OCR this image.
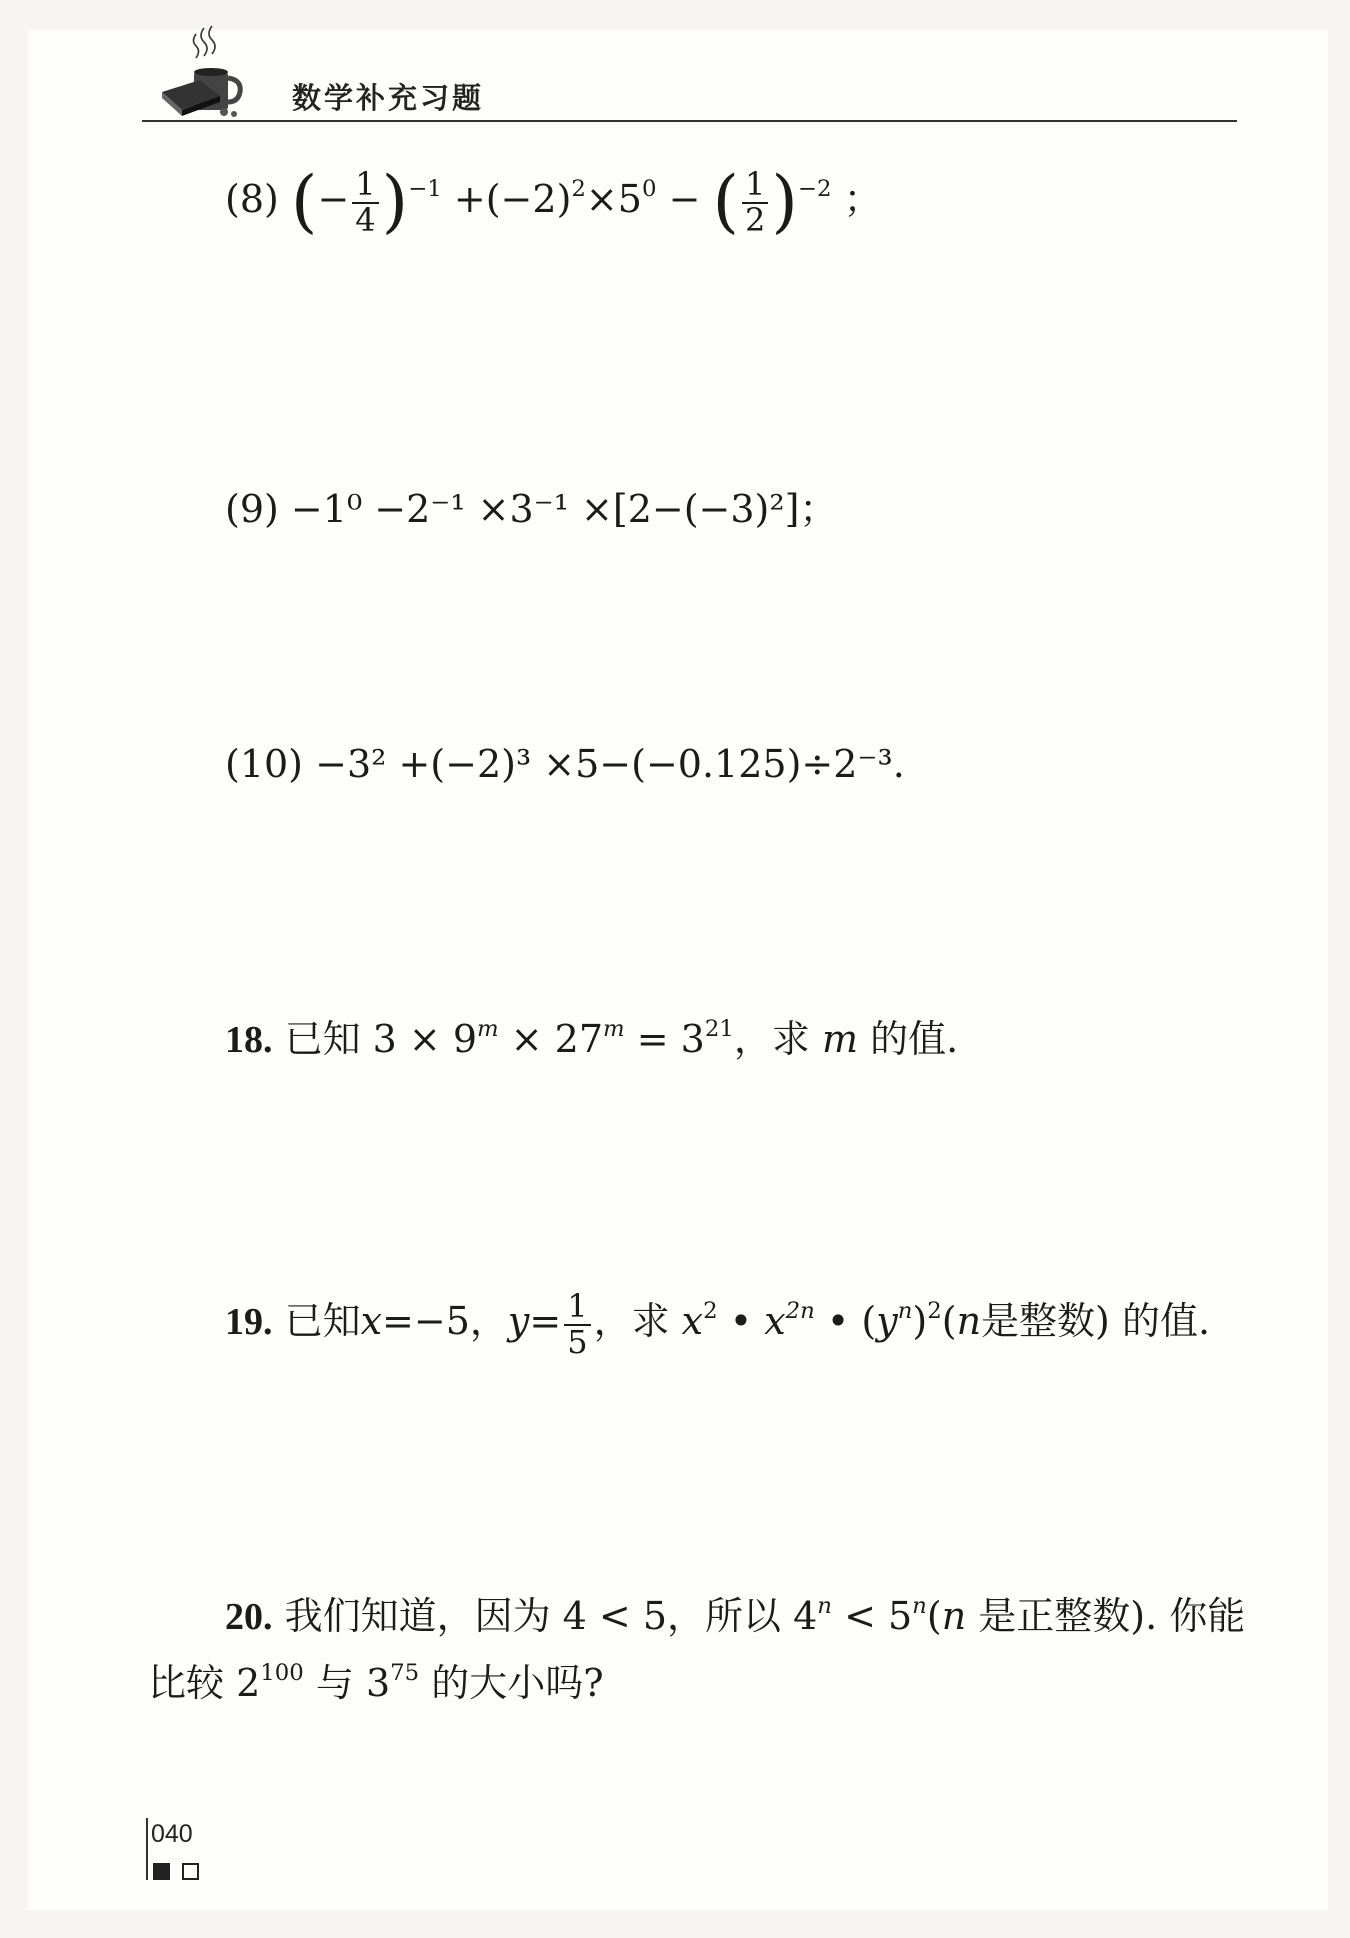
数学补充习题
(8) (− $\frac{1}{4} )^{-1} +(-2)^2\times 5^0$ − ( $\frac{1}{2} )^{-2}$ ；
(9) −1⁰ −2⁻¹ ×3⁻¹ ×[2−(−3)²]；
(10) −3² +(−2)³ ×5−(−0.125)÷2⁻³.
18. 已知 $3 \times 9^m \times 27^m = 3^{21}$，求 m 的值.
19. 已知x=−5，$y= \frac{1}{5}$ ，求 $x^2$ • $x^{2n}$ • $(y^n)^2(n$是整数) 的值.
20. 我们知道，因为 4 < 5，所以 $4^n < 5^n(n$ 是正整数). 你能
比较 $2^{100}$ 与 $3^{75}$ 的大小吗?
040
